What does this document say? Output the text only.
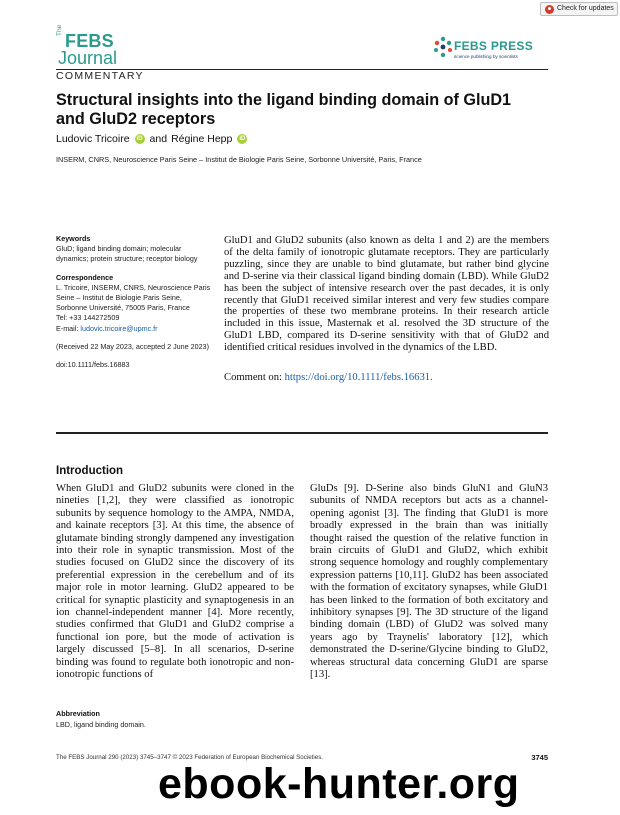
Check for updates
The
FEBS
Journal
COMMENTARY
FEBS PRESS
science publishing by scientists
Structural insights into the ligand binding domain of GluD1 and GluD2 receptors
Ludovic Tricoire	iD and Régine Hepp	iD
INSERM, CNRS, Neuroscience Paris Seine – Institut de Biologie Paris Seine, Sorbonne Université, Paris, France
Keywords
GluD; ligand binding domain; molecular dynamics; protein structure; receptor biology
Correspondence
L. Tricoire, INSERM, CNRS, Neuroscience Paris Seine – Institut de Biologie Paris Seine, Sorbonne Université, 75005 Paris, France
Tel: +33 144272509
E-mail: ludovic.tricoire@upmc.fr
(Received 22 May 2023, accepted 2 June 2023)
doi:10.1111/febs.16883

GluD1 and GluD2 subunits (also known as delta 1 and 2) are the members of the delta family of ionotropic glutamate receptors. They are particularly puzzling, since they are unable to bind glutamate, but rather bind glycine and D-serine via their classical ligand binding domain (LBD). While GluD2 has been the subject of intensive research over the past decades, it is only recently that GluD1 received similar interest and very few studies compare the properties of these two membrane proteins. In their research article included in this issue, Masternak et al. resolved the 3D structure of the GluD1 LBD, compared its D-serine sensitivity with that of GluD2 and identified critical residues involved in the dynamics of the LBD.

Comment on: https://doi.org/10.1111/febs.16631.
Introduction

When GluD1 and GluD2 subunits were cloned in the nineties [1,2], they were classified as ionotropic subunits by sequence homology to the AMPA, NMDA, and kainate receptors [3]. At this time, the absence of glutamate binding strongly dampened any investigation into their role in synaptic transmission. Most of the studies focused on GluD2 since the discovery of its preferential expression in the cerebellum and of its major role in motor learning. GluD2 appeared to be critical for synaptic plasticity and synaptogenesis in an ion channel-independent manner [4]. More recently, studies confirmed that GluD1 and GluD2 comprise a functional ion pore, but the mode of activation is largely discussed [5–8]. In all scenarios, D-serine binding was found to regulate both ionotropic and non-ionotropic functions of

GluDs [9]. D-Serine also binds GluN1 and GluN3 subunits of NMDA receptors but acts as a channel-opening agonist [3]. The finding that GluD1 is more broadly expressed in the brain than was initially thought raised the question of the relative function in brain circuits of GluD1 and GluD2, which exhibit strong sequence homology and roughly complementary expression patterns [10,11]. GluD2 has been associated with the formation of excitatory synapses, while GluD1 has been linked to the formation of both excitatory and inhibitory synapses [9]. The 3D structure of the ligand binding domain (LBD) of GluD2 was solved many years ago by Traynelis' laboratory [12], which demonstrated the D-serine/Glycine binding to GluD2, whereas structural data concerning GluD1 are sparse [13].

Abbreviation
LBD, ligand binding domain.
The FEBS Journal 290 (2023) 3745–3747 © 2023 Federation of European Biochemical Societies.	3745
ebook-hunter.org
